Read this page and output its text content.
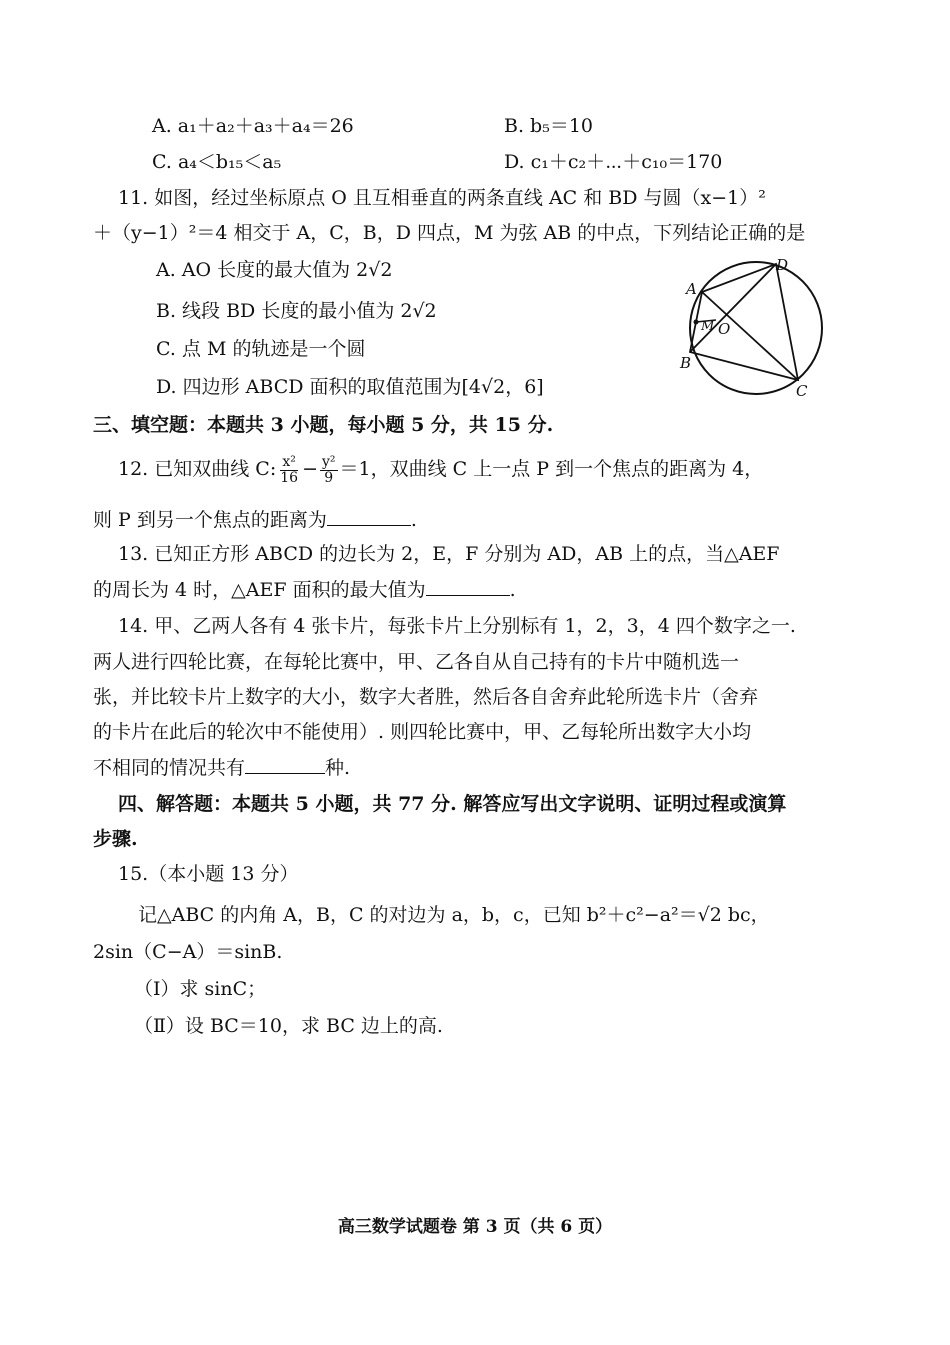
A. a₁＋a₂＋a₃＋a₄＝26	B. b₅＝10
C. a₄＜b₁₅＜a₅	D. c₁＋c₂＋⋯＋c₁₀＝170
11. 如图，经过坐标原点 O 且互相垂直的两条直线 AC 和 BD 与圆（x−1）²
＋（y−1）²＝4 相交于 A，C，B，D 四点，M 为弦 AB 的中点，下列结论正确的是
A. AO 长度的最大值为 2√2
B. 线段 BD 长度的最小值为 2√2
C. 点 M 的轨迹是一个圆
D. 四边形 ABCD 面积的取值范围为[4√2，6]
A
B
C
D
M O
三、填空题：本题共 3 小题，每小题 5 分，共 15 分.
12. 已知双曲线 C: $\frac{\text{x²}}{16} - \frac{\text{y²}}{9} =1$，双曲线 C 上一点 P 到一个焦点的距离为 4，
则 P 到另一个焦点的距离为	.
13. 已知正方形 ABCD 的边长为 2，E，F 分别为 AD，AB 上的点，当△AEF
的周长为 4 时，△AEF 面积的最大值为	.
14. 甲、乙两人各有 4 张卡片，每张卡片上分别标有 1，2，3，4 四个数字之一.
两人进行四轮比赛，在每轮比赛中，甲、乙各自从自己持有的卡片中随机选一
张，并比较卡片上数字的大小，数字大者胜，然后各自舍弃此轮所选卡片（舍弃
的卡片在此后的轮次中不能使用）. 则四轮比赛中，甲、乙每轮所出数字大小均
不相同的情况共有	种.
四、解答题：本题共 5 小题，共 77 分. 解答应写出文字说明、证明过程或演算
步骤.
15.（本小题 13 分）
记△ABC 的内角 A，B，C 的对边为 a，b，c，已知 b²＋c²−a²＝√2 bc，
2sin（C−A）＝sinB.
（Ⅰ）求 sinC；
（Ⅱ）设 BC＝10，求 BC 边上的高.
高三数学试题卷 第 3 页（共 6 页）
